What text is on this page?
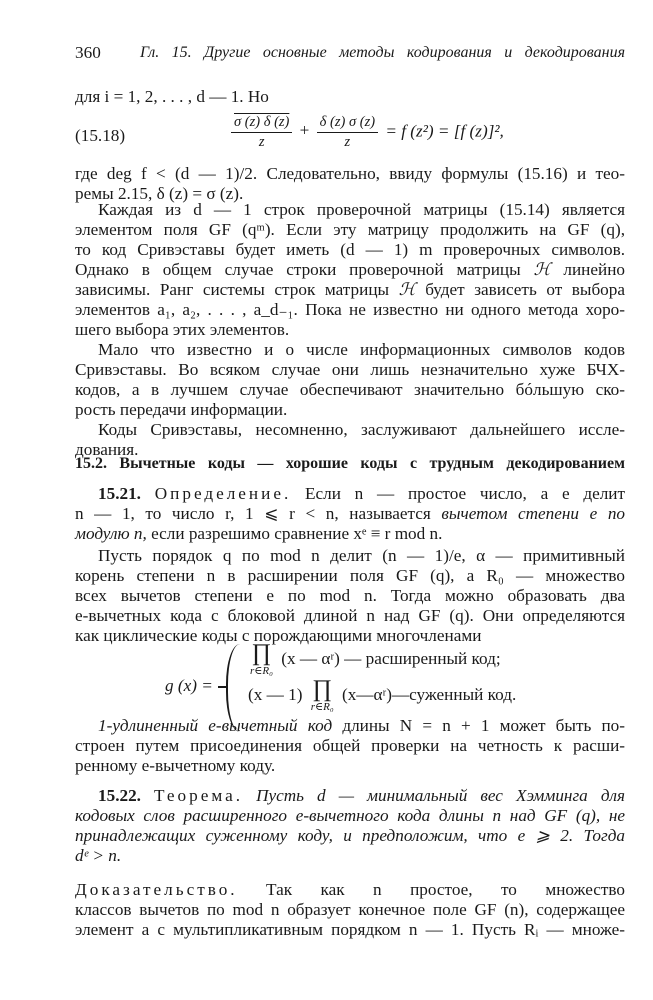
360 Гл. 15. Другие основные методы кодирования и декодирования
для i = 1, 2, . . . , d — 1. Но
(15.18)	$\frac{\sigma (z) \delta (z)}{z} + \frac{\delta (z) \sigma (z)}{z} = f$ (z²) = [f (z)]²,
где deg f < (d — 1)/2. Следовательно, ввиду формулы (15.16) и тео-
ремы 2.15, δ (z) = σ (z).
Каждая из d — 1 строк проверочной матрицы (15.14) является
элементом поля GF (qᵐ). Если эту матрицу продолжить на GF (q),
то код Сривэставы будет иметь (d — 1) m проверочных символов.
Однако в общем случае строки проверочной матрицы ℋ линейно
зависимы. Ранг системы строк матрицы ℋ будет зависеть от выбора
элементов a₁, a₂, . . . , a_d₋₁. Пока не известно ни одного метода хоро-
шего выбора этих элементов.
Мало что известно и о числе информационных символов кодов
Сривэставы. Во всяком случае они лишь незначительно хуже БЧХ-
кодов, а в лучшем случае обеспечивают значительно бóльшую ско-
рость передачи информации.
Коды Сривэставы, несомненно, заслуживают дальнейшего иссле-
дования.
15.2. Вычетные коды — хорошие коды с трудным декодированием
15.21. Определение. Если n — простое число, а e делит
n — 1, то число r, 1 ⩽ r < n, называется вычетом степени e по
модулю n, если разрешимо сравнение xᵉ ≡ r mod n.
Пусть порядок q по mod n делит (n — 1)/e, α — примитивный
корень степени n в расширении поля GF (q), а R₀ — множество
всех вычетов степени e по mod n. Тогда можно образовать два
e-вычетных кода с блоковой длиной n над GF (q). Они определяются
как циклические коды с порождающими многочленами
g (x) =
∏
r∈R₀
(x — αʳ) — расширенный код;
(x — 1) ∏
r∈R₀
(x—αʳ)—суженный код.
1-удлиненный e-вычетный код длины N = n + 1 может быть по-
строен путем присоединения общей проверки на четность к расши-
ренному e-вычетному коду.
15.22. Теорема. Пусть d — минимальный вес Хэмминга для
кодовых слов расширенного e-вычетного кода длины n над GF (q), не
принадлежащих суженному коду, и предположим, что e ⩾ 2. Тогда
dᵉ > n.
Доказательство. Так как n простое, то множество
классов вычетов по mod n образует конечное поле GF (n), содержащее
элемент a с мультипликативным порядком n — 1. Пусть Rᵢ — множе-
